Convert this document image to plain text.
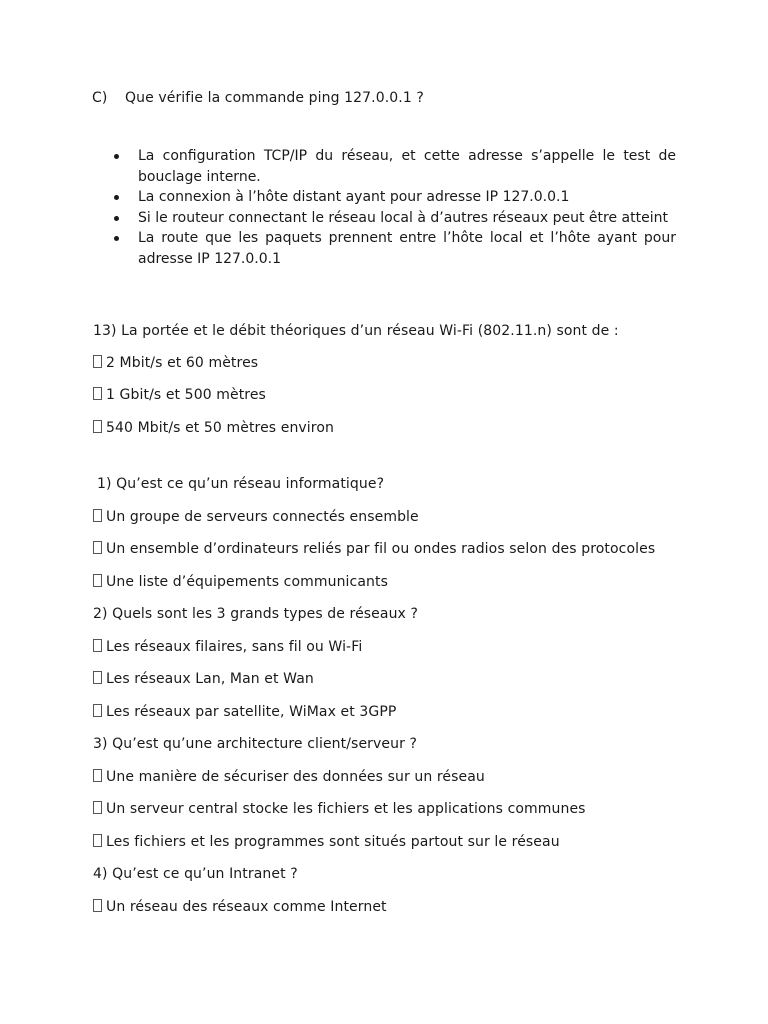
C) Que vérifie la commande ping 127.0.0.1 ?
La configuration TCP/IP du réseau, et cette adresse s’appelle le test de bouclage interne.
La connexion à l’hôte distant ayant pour adresse IP 127.0.0.1
Si le routeur connectant le réseau local à d’autres réseaux peut être atteint
La route que les paquets prennent entre l’hôte local et l’hôte ayant pour adresse IP 127.0.0.1
13) La portée et le débit théoriques d’un réseau Wi-Fi (802.11.n) sont de :
2 Mbit/s et 60 mètres
1 Gbit/s et 500 mètres
540 Mbit/s et 50 mètres environ
1) Qu’est ce qu’un réseau informatique?
Un groupe de serveurs connectés ensemble
Un ensemble d’ordinateurs reliés par fil ou ondes radios selon des protocoles
Une liste d’équipements communicants
2) Quels sont les 3 grands types de réseaux ?
Les réseaux filaires, sans fil ou Wi-Fi
Les réseaux Lan, Man et Wan
Les réseaux par satellite, WiMax et 3GPP
3) Qu’est qu’une architecture client/serveur ?
Une manière de sécuriser des données sur un réseau
Un serveur central stocke les fichiers et les applications communes
Les fichiers et les programmes sont situés partout sur le réseau
4) Qu’est ce qu’un Intranet ?
Un réseau des réseaux comme Internet
